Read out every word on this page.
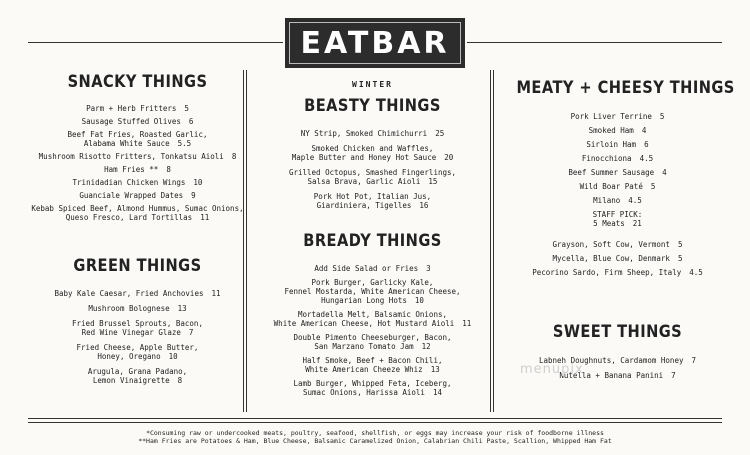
EATBAR
SNACKY THINGS
Parm + Herb Fritters 5
Sausage Stuffed Olives 6
Beef Fat Fries, Roasted Garlic,
Alabama White Sauce 5.5
Mushroom Risotto Fritters, Tonkatsu Aioli 8
Ham Fries ** 8
Trinidadian Chicken Wings 10
Guanciale Wrapped Dates 9
Kebab Spiced Beef, Almond Hummus, Sumac Onions,
Queso Fresco, Lard Tortillas 11
GREEN THINGS
Baby Kale Caesar, Fried Anchovies 11
Mushroom Bolognese 13
Fried Brussel Sprouts, Bacon,
Red Wine Vinegar Glaze 7
Fried Cheese, Apple Butter,
Honey, Oregano 10
Arugula, Grana Padano,
Lemon Vinaigrette 8
WINTER
BEASTY THINGS
NY Strip, Smoked Chimichurri 25
Smoked Chicken and Waffles,
Maple Butter and Honey Hot Sauce 20
Grilled Octopus, Smashed Fingerlings,
Salsa Brava, Garlic Aioli 15
Pork Hot Pot, Italian Jus,
Giardiniera, Tigelles 16
BREADY THINGS
Add Side Salad or Fries 3
Pork Burger, Garlicky Kale,
Fennel Mostarda, White American Cheese,
Hungarian Long Hots 10
Mortadella Melt, Balsamic Onions,
White American Cheese, Hot Mustard Aioli 11
Double Pimento Cheeseburger, Bacon,
San Marzano Tomato Jam 12
Half Smoke, Beef + Bacon Chili,
White American Cheeze Whiz 13
Lamb Burger, Whipped Feta, Iceberg,
Sumac Onions, Harissa Aioli 14
MEATY + CHEESY THINGS
Pork Liver Terrine 5
Smoked Ham 4
Sirloin Ham 6
Finocchiona 4.5
Beef Summer Sausage 4
Wild Boar Paté 5
Milano 4.5
STAFF PICK:
5 Meats 21
Grayson, Soft Cow, Vermont 5
Mycella, Blue Cow, Denmark 5
Pecorino Sardo, Firm Sheep, Italy 4.5
SWEET THINGS
Labneh Doughnuts, Cardamom Honey 7
Nutella + Banana Panini 7
menupix
*Consuming raw or undercooked meats, poultry, seafood, shellfish, or eggs may increase your risk of foodborne illness
**Ham Fries are Potatoes & Ham, Blue Cheese, Balsamic Caramelized Onion, Calabrian Chili Paste, Scallion, Whipped Ham Fat
